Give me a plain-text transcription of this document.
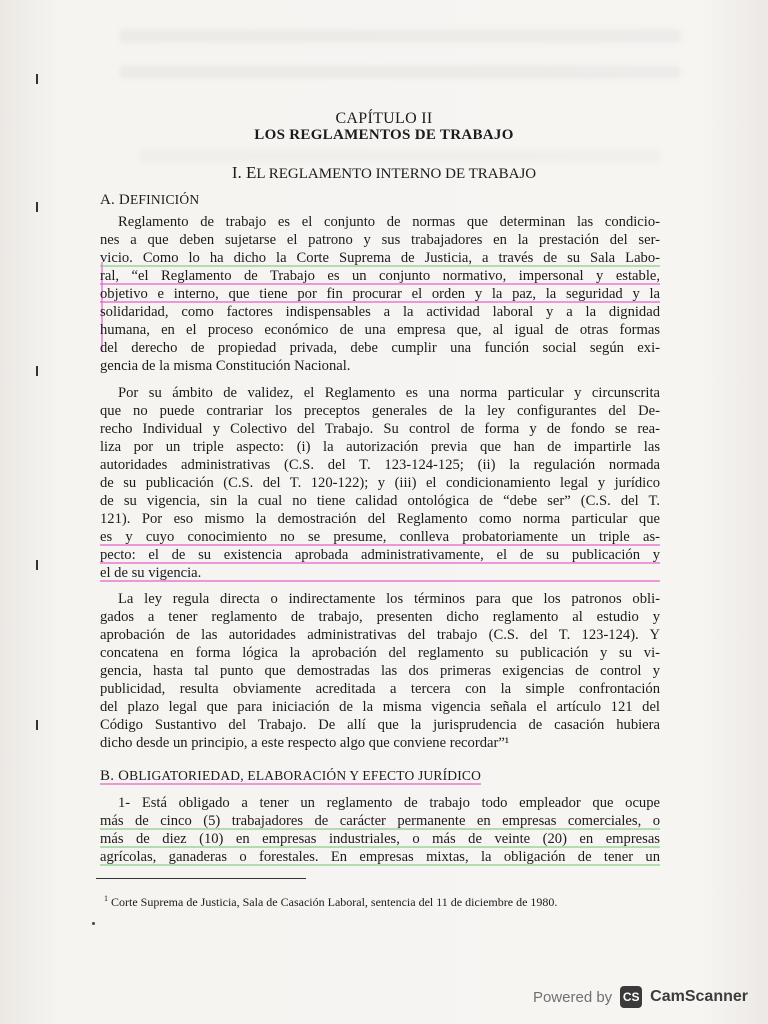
CAPÍTULO II
LOS REGLAMENTOS DE TRABAJO
I. EL REGLAMENTO INTERNO DE TRABAJO
A. DEFINICIÓN
Reglamento de trabajo es el conjunto de normas que determinan las condicio-
nes a que deben sujetarse el patrono y sus trabajadores en la prestación del ser-
vicio. Como lo ha dicho la Corte Suprema de Justicia, a través de su Sala Labo-
ral, “el Reglamento de Trabajo es un conjunto normativo, impersonal y estable,
objetivo e interno, que tiene por fin procurar el orden y la paz, la seguridad y la
solidaridad, como factores indispensables a la actividad laboral y a la dignidad
humana, en el proceso económico de una empresa que, al igual de otras formas
del derecho de propiedad privada, debe cumplir una función social según exi-
gencia de la misma Constitución Nacional.
Por su ámbito de validez, el Reglamento es una norma particular y circunscrita
que no puede contrariar los preceptos generales de la ley configurantes del De-
recho Individual y Colectivo del Trabajo. Su control de forma y de fondo se rea-
liza por un triple aspecto: (i) la autorización previa que han de impartirle las
autoridades administrativas (C.S. del T. 123-124-125; (ii) la regulación normada
de su publicación (C.S. del T. 120-122); y (iii) el condicionamiento legal y jurídico
de su vigencia, sin la cual no tiene calidad ontológica de “debe ser” (C.S. del T.
121). Por eso mismo la demostración del Reglamento como norma particular que
es y cuyo conocimiento no se presume, conlleva probatoriamente un triple as-
pecto: el de su existencia aprobada administrativamente, el de su publicación y
el de su vigencia.
La ley regula directa o indirectamente los términos para que los patronos obli-
gados a tener reglamento de trabajo, presenten dicho reglamento al estudio y
aprobación de las autoridades administrativas del trabajo (C.S. del T. 123-124). Y
concatena en forma lógica la aprobación del reglamento su publicación y su vi-
gencia, hasta tal punto que demostradas las dos primeras exigencias de control y
publicidad, resulta obviamente acreditada a tercera con la simple confrontación
del plazo legal que para iniciación de la misma vigencia señala el artículo 121 del
Código Sustantivo del Trabajo. De allí que la jurisprudencia de casación hubiera
dicho desde un principio, a este respecto algo que conviene recordar”¹
B. OBLIGATORIEDAD, ELABORACIÓN Y EFECTO JURÍDICO
1- Está obligado a tener un reglamento de trabajo todo empleador que ocupe
más de cinco (5) trabajadores de carácter permanente en empresas comerciales, o
más de diez (10) en empresas industriales, o más de veinte (20) en empresas
agrícolas, ganaderas o forestales. En empresas mixtas, la obligación de tener un
$^1$ Corte Suprema de Justicia, Sala de Casación Laboral, sentencia del 11 de diciembre de 1980.
Powered by CS CamScanner
